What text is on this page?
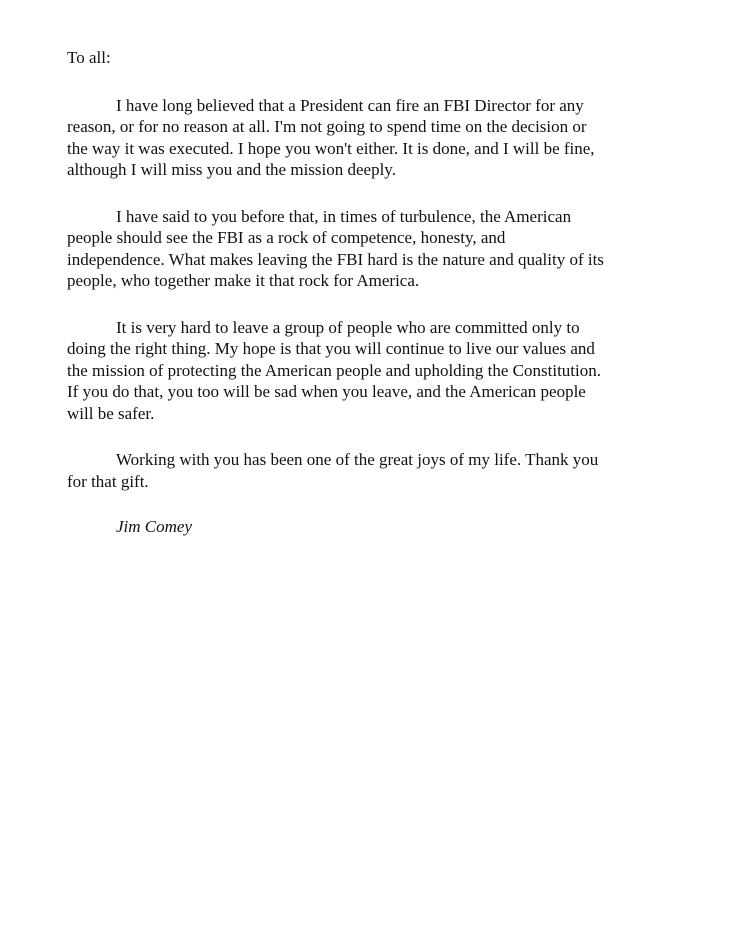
To all:
I have long believed that a President can fire an FBI Director for any
reason, or for no reason at all. I'm not going to spend time on the decision or
the way it was executed. I hope you won't either. It is done, and I will be fine,
although I will miss you and the mission deeply.
I have said to you before that, in times of turbulence, the American
people should see the FBI as a rock of competence, honesty, and
independence. What makes leaving the FBI hard is the nature and quality of its
people, who together make it that rock for America.
It is very hard to leave a group of people who are committed only to
doing the right thing. My hope is that you will continue to live our values and
the mission of protecting the American people and upholding the Constitution.
If you do that, you too will be sad when you leave, and the American people
will be safer.
Working with you has been one of the great joys of my life. Thank you
for that gift.
Jim Comey
